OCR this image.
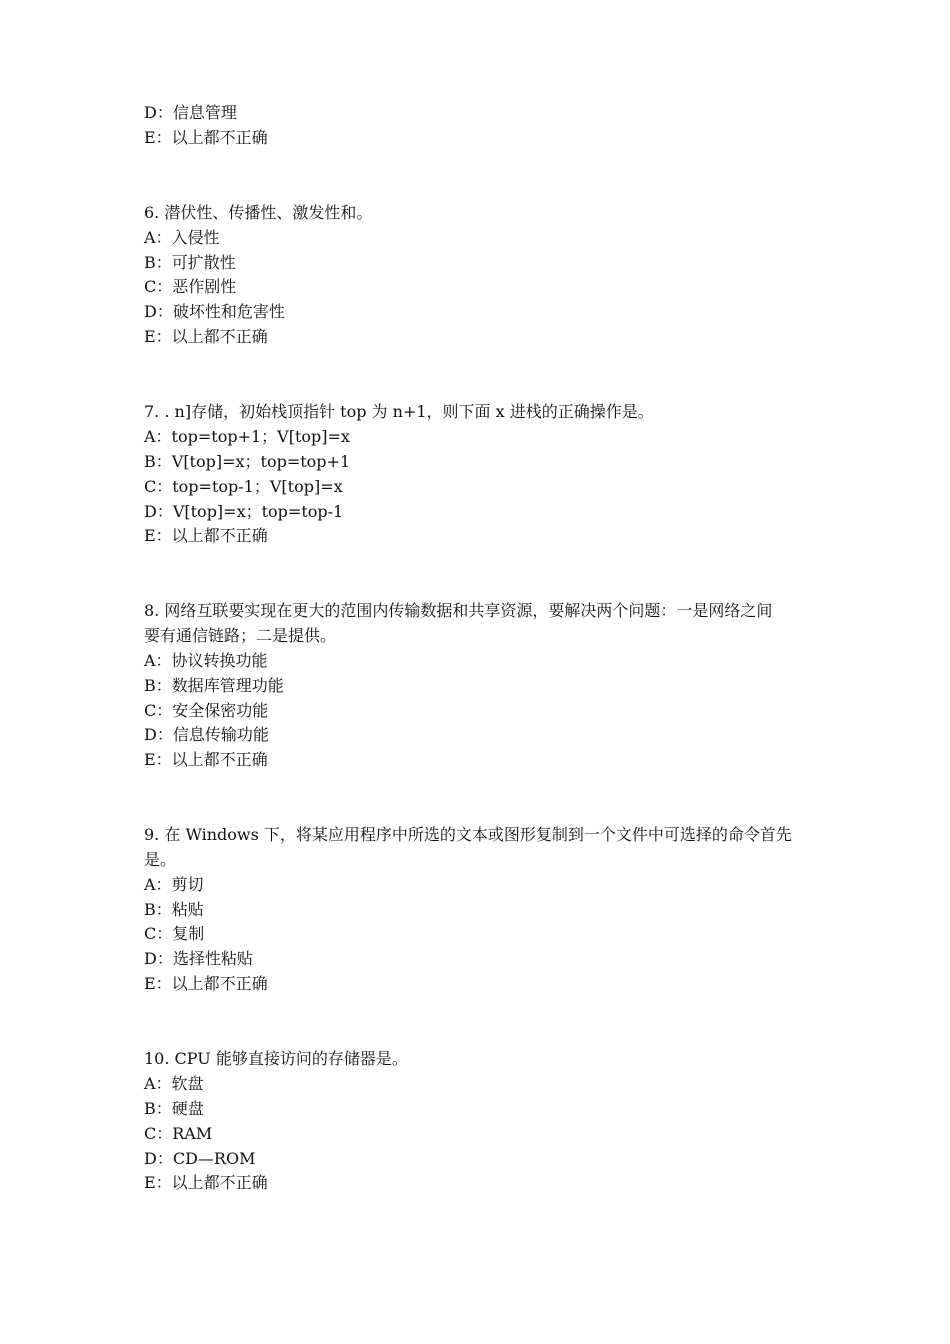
D：信息管理
E：以上都不正确
6. 潜伏性、传播性、激发性和。
A：入侵性
B：可扩散性
C：恶作剧性
D：破坏性和危害性
E：以上都不正确
7. . n]存储，初始栈顶指针 top 为 n+1，则下面 x 进栈的正确操作是。
A：top=top+1；V[top]=x
B：V[top]=x；top=top+1
C：top=top-1；V[top]=x
D：V[top]=x；top=top-1
E：以上都不正确
8. 网络互联要实现在更大的范围内传输数据和共享资源，要解决两个问题：一是网络之间
要有通信链路；二是提供。
A：协议转换功能
B：数据库管理功能
C：安全保密功能
D：信息传输功能
E：以上都不正确
9. 在 Windows 下，将某应用程序中所选的文本或图形复制到一个文件中可选择的命令首先
是。
A：剪切
B：粘贴
C：复制
D：选择性粘贴
E：以上都不正确
10. CPU 能够直接访问的存储器是。
A：软盘
B：硬盘
C：RAM
D：CD—ROM
E：以上都不正确
